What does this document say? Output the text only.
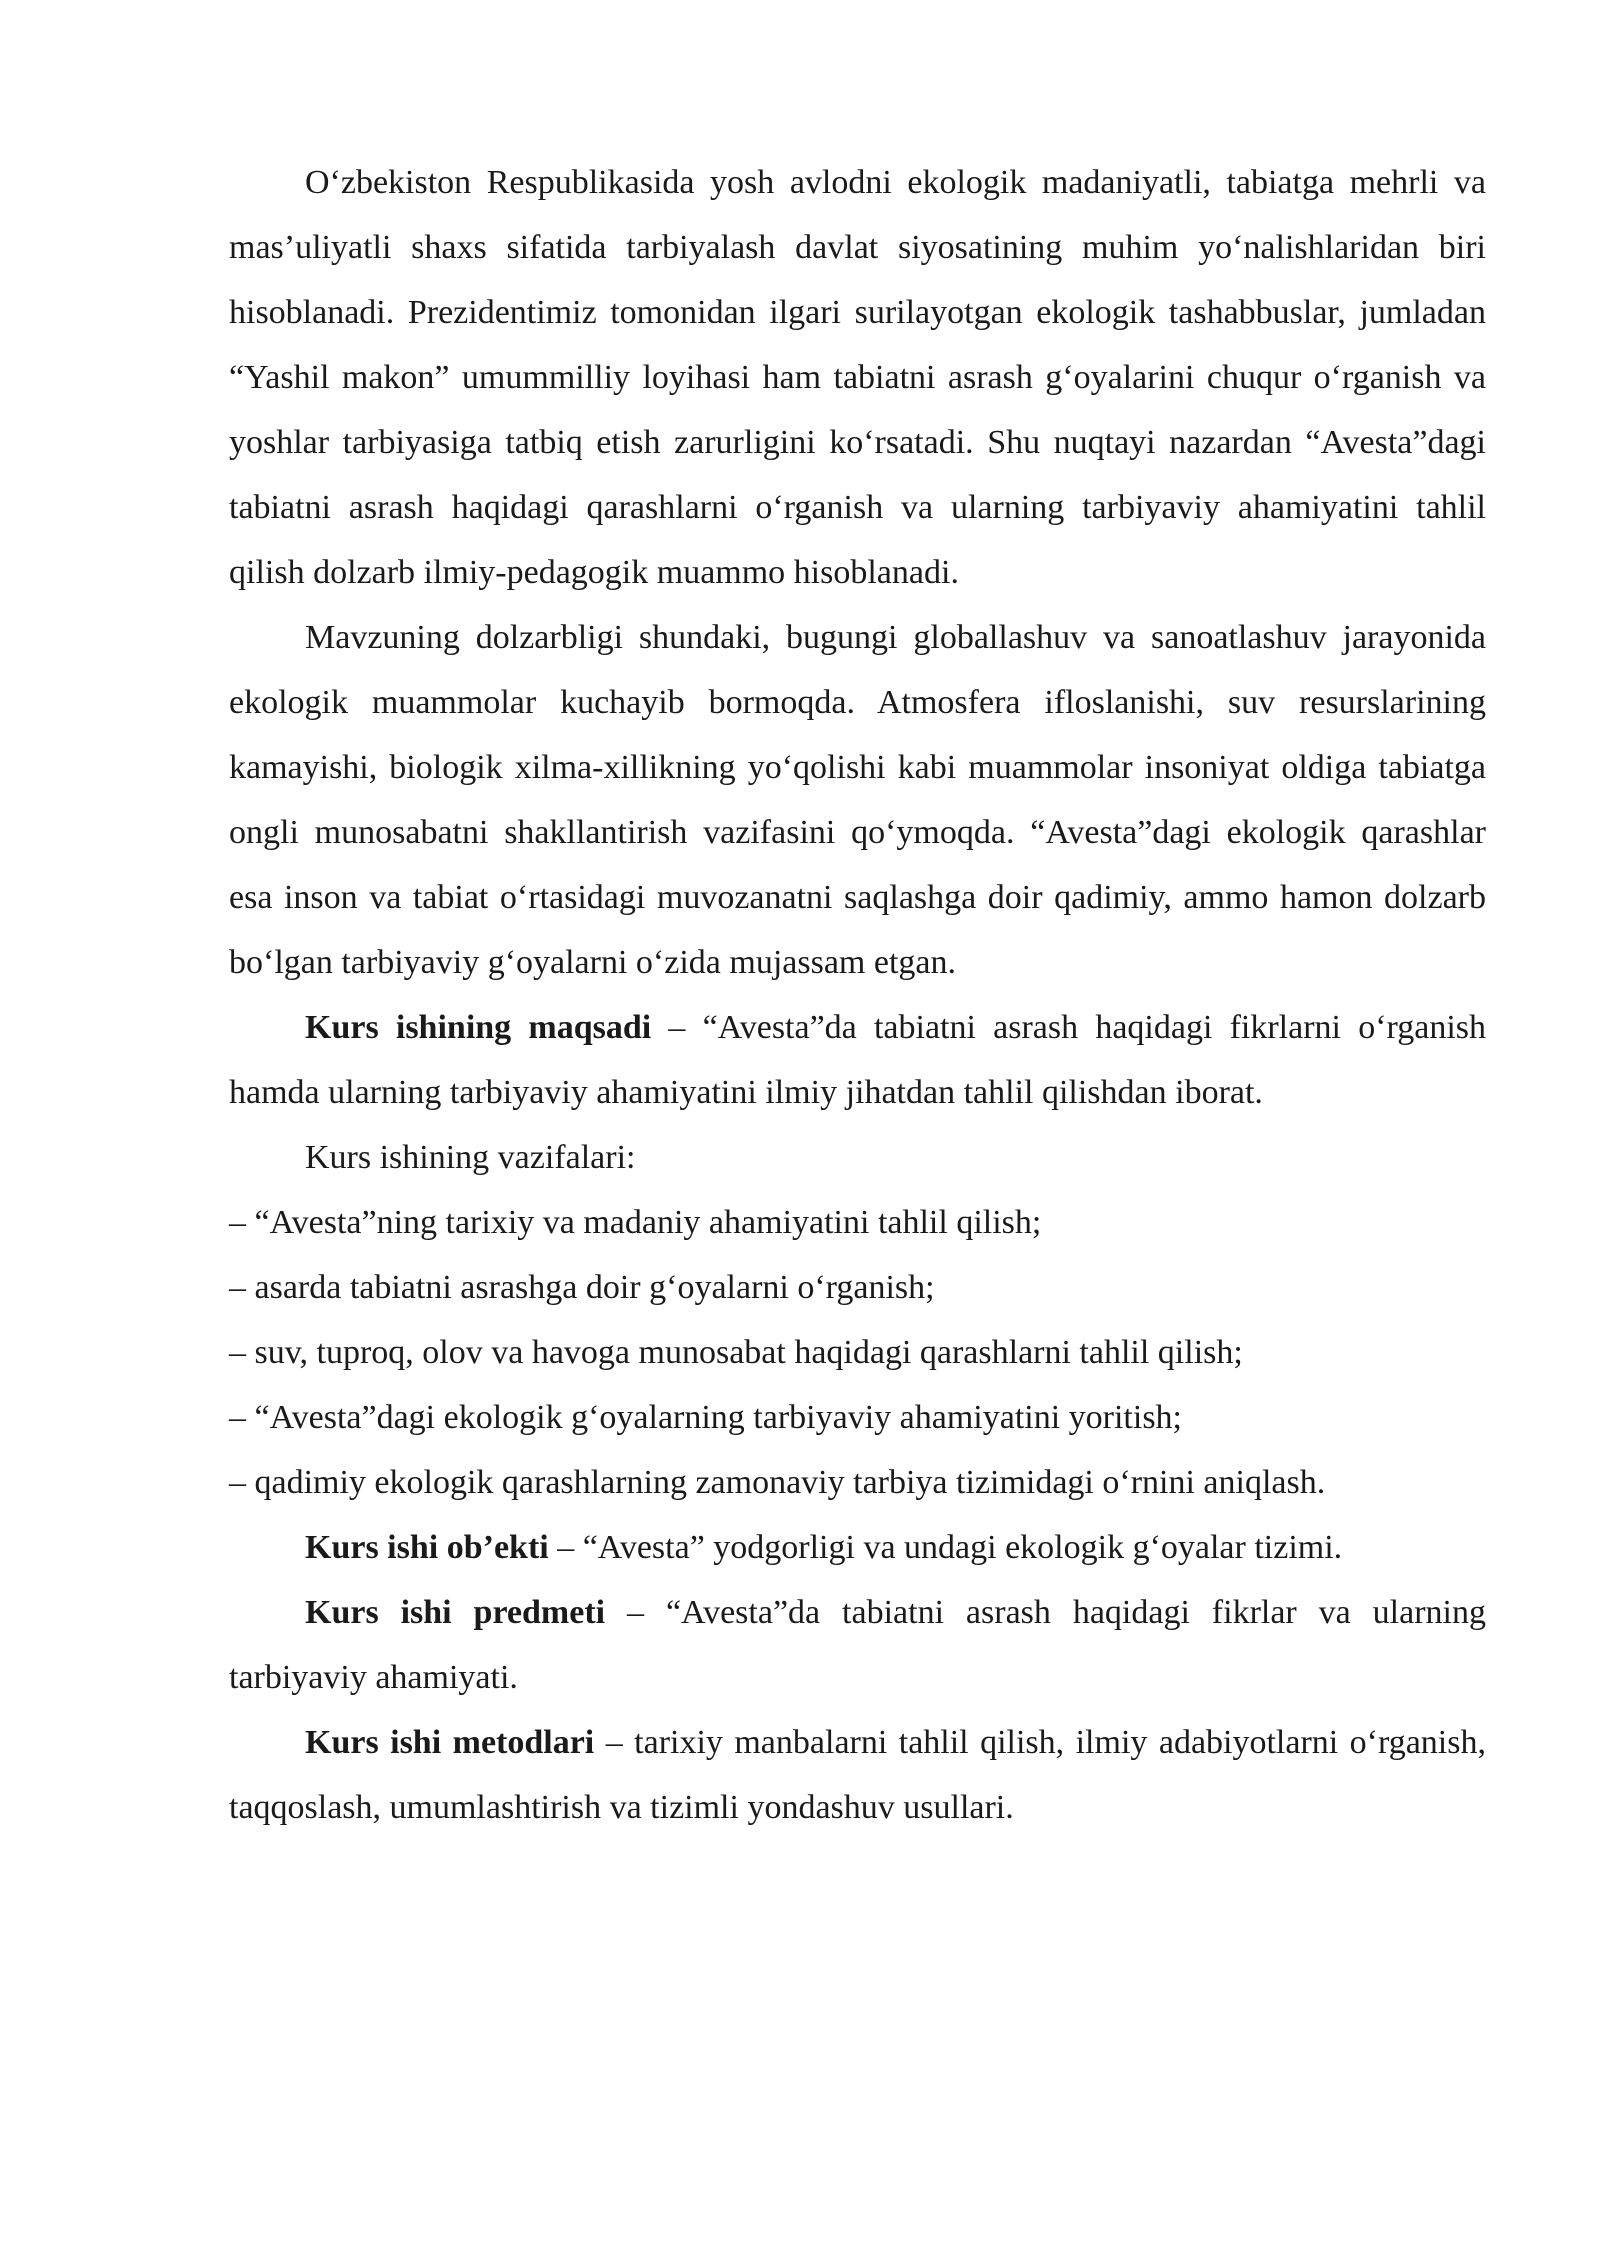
O‘zbekiston Respublikasida yosh avlodni ekologik madaniyatli, tabiatga mehrli va mas’uliyatli shaxs sifatida tarbiyalash davlat siyosatining muhim yo‘nalishlaridan biri hisoblanadi. Prezidentimiz tomonidan ilgari surilayotgan ekologik tashabbuslar, jumladan “Yashil makon” umummilliy loyihasi ham tabiatni asrash g‘oyalarini chuqur o‘rganish va yoshlar tarbiyasiga tatbiq etish zarurligini ko‘rsatadi. Shu nuqtayi nazardan “Avesta”dagi tabiatni asrash haqidagi qarashlarni o‘rganish va ularning tarbiyaviy ahamiyatini tahlil qilish dolzarb ilmiy-pedagogik muammo hisoblanadi.

Mavzuning dolzarbligi shundaki, bugungi globallashuv va sanoatlashuv jarayonida ekologik muammolar kuchayib bormoqda. Atmosfera ifloslanishi, suv resurslarining kamayishi, biologik xilma-xillikning yo‘qolishi kabi muammolar insoniyat oldiga tabiatga ongli munosabatni shakllantirish vazifasini qo‘ymoqda. “Avesta”dagi ekologik qarashlar esa inson va tabiat o‘rtasidagi muvozanatni saqlashga doir qadimiy, ammo hamon dolzarb bo‘lgan tarbiyaviy g‘oyalarni o‘zida mujassam etgan.

Kurs ishining maqsadi – “Avesta”da tabiatni asrash haqidagi fikrlarni o‘rganish hamda ularning tarbiyaviy ahamiyatini ilmiy jihatdan tahlil qilishdan iborat.

Kurs ishining vazifalari:

– “Avesta”ning tarixiy va madaniy ahamiyatini tahlil qilish;

– asarda tabiatni asrashga doir g‘oyalarni o‘rganish;

– suv, tuproq, olov va havoga munosabat haqidagi qarashlarni tahlil qilish;

– “Avesta”dagi ekologik g‘oyalarning tarbiyaviy ahamiyatini yoritish;

– qadimiy ekologik qarashlarning zamonaviy tarbiya tizimidagi o‘rnini aniqlash.

Kurs ishi ob’ekti – “Avesta” yodgorligi va undagi ekologik g‘oyalar tizimi.

Kurs ishi predmeti – “Avesta”da tabiatni asrash haqidagi fikrlar va ularning tarbiyaviy ahamiyati.

Kurs ishi metodlari – tarixiy manbalarni tahlil qilish, ilmiy adabiyotlarni o‘rganish, taqqoslash, umumlashtirish va tizimli yondashuv usullari.
